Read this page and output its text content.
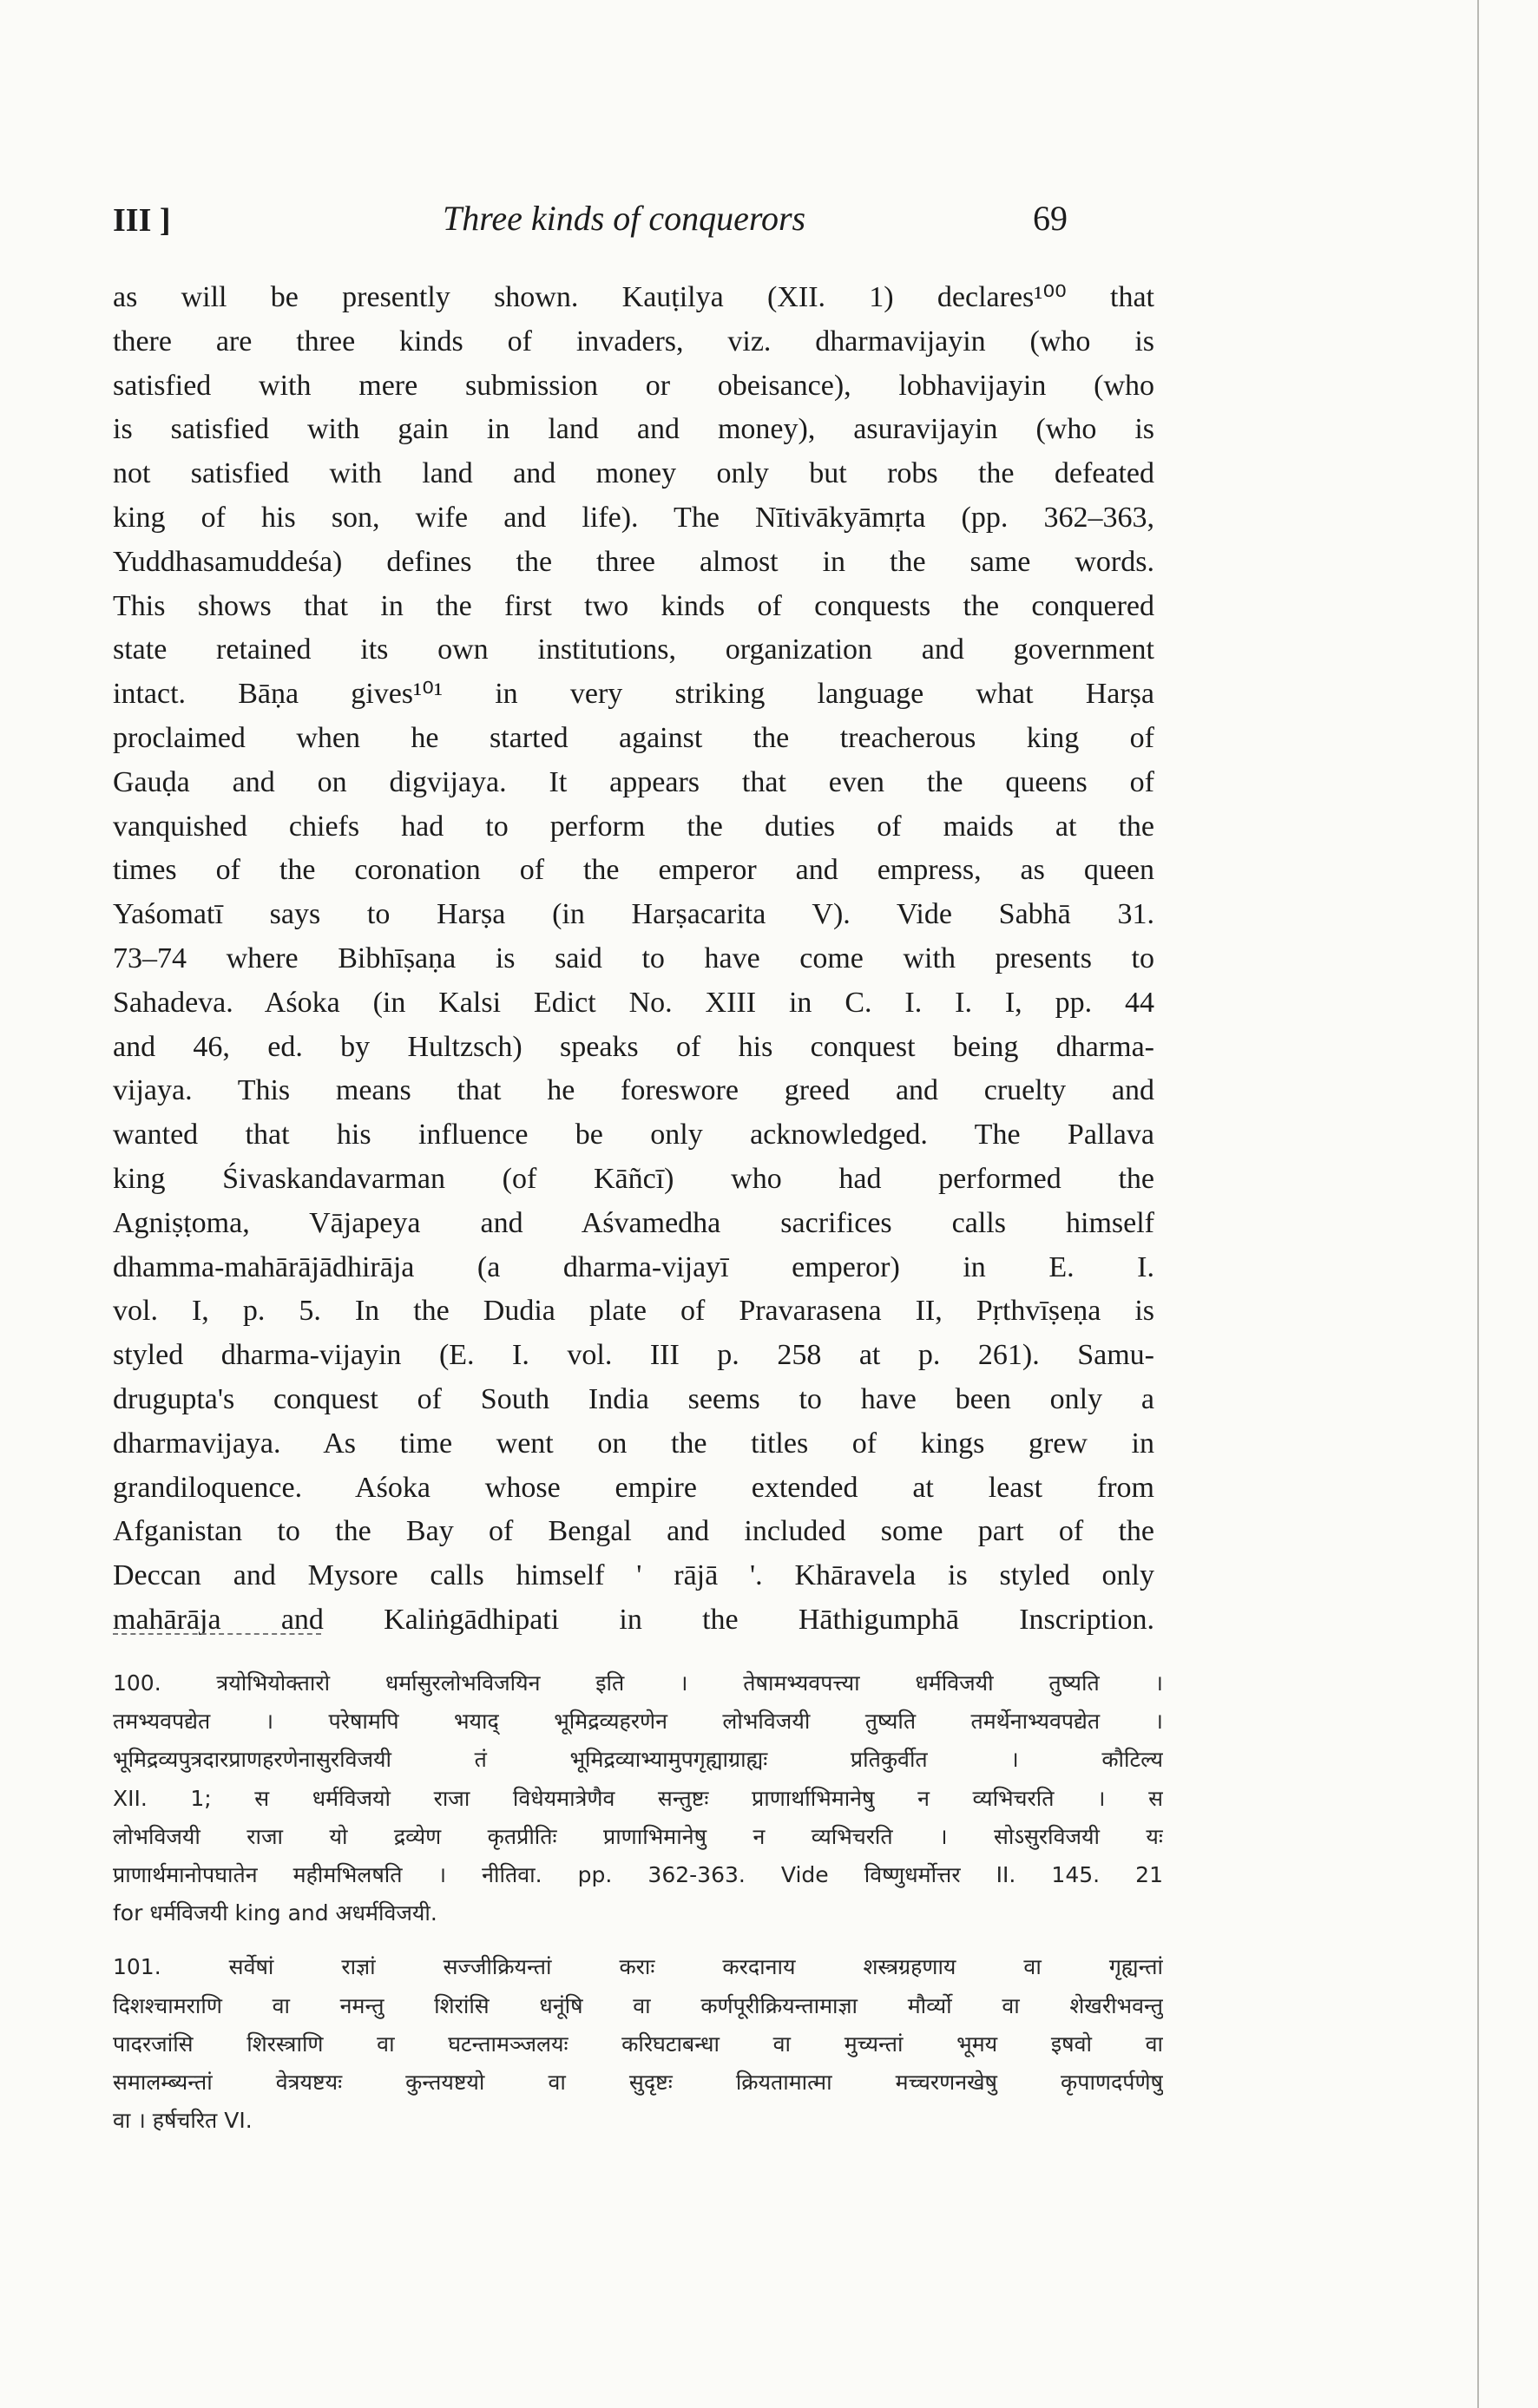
III ]	Three kinds of conquerors	69
as will be presently shown. Kauṭilya (XII. 1) declares¹⁰⁰ that
there are three kinds of invaders, viz. dharmavijayin (who is
satisfied with mere submission or obeisance), lobhavijayin (who
is satisfied with gain in land and money), asuravijayin (who is
not satisfied with land and money only but robs the defeated
king of his son, wife and life). The Nītivākyāmṛta (pp. 362–363,
Yuddhasamuddeśa) defines the three almost in the same words.
This shows that in the first two kinds of conquests the conquered
state retained its own institutions, organization and government
intact. Bāṇa gives¹⁰¹ in very striking language what Harṣa
proclaimed when he started against the treacherous king of
Gauḍa and on digvijaya. It appears that even the queens of
vanquished chiefs had to perform the duties of maids at the
times of the coronation of the emperor and empress, as queen
Yaśomatī says to Harṣa (in Harṣacarita V). Vide Sabhā 31.
73–74 where Bibhīṣaṇa is said to have come with presents to
Sahadeva. Aśoka (in Kalsi Edict No. XIII in C. I. I. I, pp. 44
and 46, ed. by Hultzsch) speaks of his conquest being dharma-
vijaya. This means that he foreswore greed and cruelty and
wanted that his influence be only acknowledged. The Pallava
king Śivaskandavarman (of Kāñcī) who had performed the
Agniṣṭoma, Vājapeya and Aśvamedha sacrifices calls himself
dhamma-mahārājādhirāja (a dharma-vijayī emperor) in E. I.
vol. I, p. 5. In the Dudia plate of Pravarasena II, Pṛthvīṣeṇa is
styled dharma-vijayin (E. I. vol. III p. 258 at p. 261). Samu-
drugupta's conquest of South India seems to have been only a
dharmavijaya. As time went on the titles of kings grew in
grandiloquence. Aśoka whose empire extended at least from
Afganistan to the Bay of Bengal and included some part of the
Deccan and Mysore calls himself ' rājā '. Khāravela is styled only
mahārāja and Kaliṅgādhipati in the Hāthigumphā Inscription.
100. त्रयोभियोक्तारो धर्मासुरलोभविजयिन इति । तेषामभ्यवपत्त्या धर्मविजयी तुष्यति ।
तमभ्यवपद्येत । परेषामपि भयाद् भूमिद्रव्यहरणेन लोभविजयी तुष्यति तमर्थेनाभ्यवपद्येत ।
भूमिद्रव्यपुत्रदारप्राणहरणेनासुरविजयी तं भूमिद्रव्याभ्यामुपगृह्याग्राह्यः प्रतिकुर्वीत । कौटिल्य
XII. 1; स धर्मविजयो राजा विधेयमात्रेणैव सन्तुष्टः प्राणार्थाभिमानेषु न व्यभिचरति । स
लोभविजयी राजा यो द्रव्येण कृतप्रीतिः प्राणाभिमानेषु न व्यभिचरति । सोऽसुरविजयी यः
प्राणार्थमानोपघातेन महीमभिलषति । नीतिवा. pp. 362-363. Vide विष्णुधर्मोत्तर II. 145. 21
for धर्मविजयी king and अधर्मविजयी.
101. सर्वेषां राज्ञां सज्जीक्रियन्तां कराः करदानाय शस्त्रग्रहणाय वा गृह्यन्तां
दिशश्चामराणि वा नमन्तु शिरांसि धनूंषि वा कर्णपूरीक्रियन्तामाज्ञा मौर्व्यो वा शेखरीभवन्तु
पादरजांसि शिरस्त्राणि वा घटन्तामञ्जलयः करिघटाबन्धा वा मुच्यन्तां भूमय इषवो वा
समालम्ब्यन्तां वेत्रयष्टयः कुन्तयष्टयो वा सुदृष्टः क्रियतामात्मा मच्चरणनखेषु कृपाणदर्पणेषु
वा । हर्षचरित VI.
